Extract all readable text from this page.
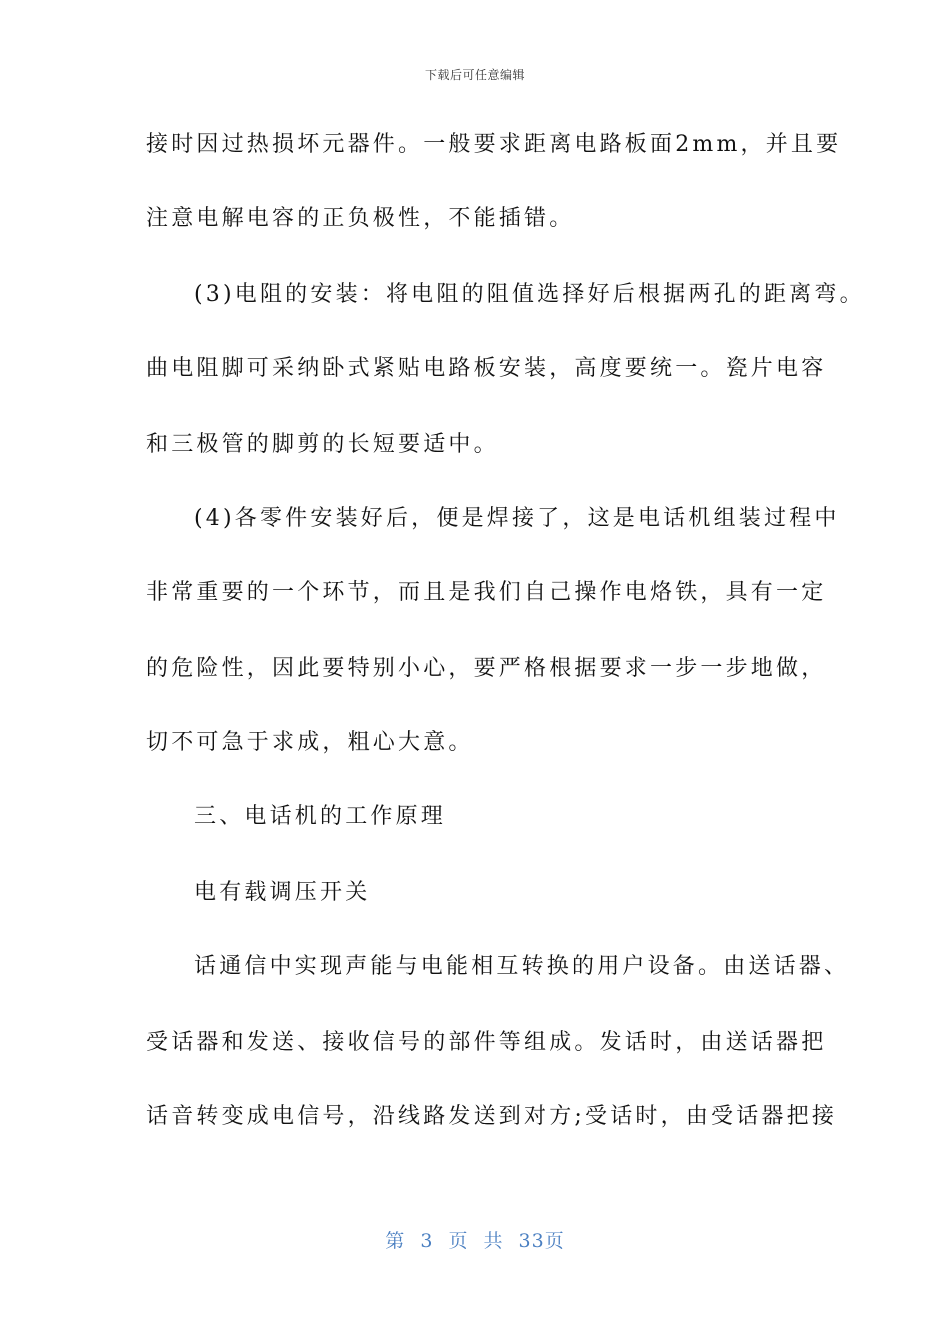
下载后可任意编辑
接时因过热损坏元器件。一般要求距离电路板面2mm，并且要
注意电解电容的正负极性，不能插错。
(3)电阻的安装：将电阻的阻值选择好后根据两孔的距离弯。
曲电阻脚可采纳卧式紧贴电路板安装，高度要统一。瓷片电容
和三极管的脚剪的长短要适中。
(4)各零件安装好后，便是焊接了，这是电话机组装过程中
非常重要的一个环节，而且是我们自己操作电烙铁，具有一定
的危险性，因此要特别小心，要严格根据要求一步一步地做，
切不可急于求成，粗心大意。
三、电话机的工作原理
电有载调压开关
话通信中实现声能与电能相互转换的用户设备。由送话器、
受话器和发送、接收信号的部件等组成。发话时，由送话器把
话音转变成电信号，沿线路发送到对方;受话时，由受话器把接
第 3 页 共 33页
